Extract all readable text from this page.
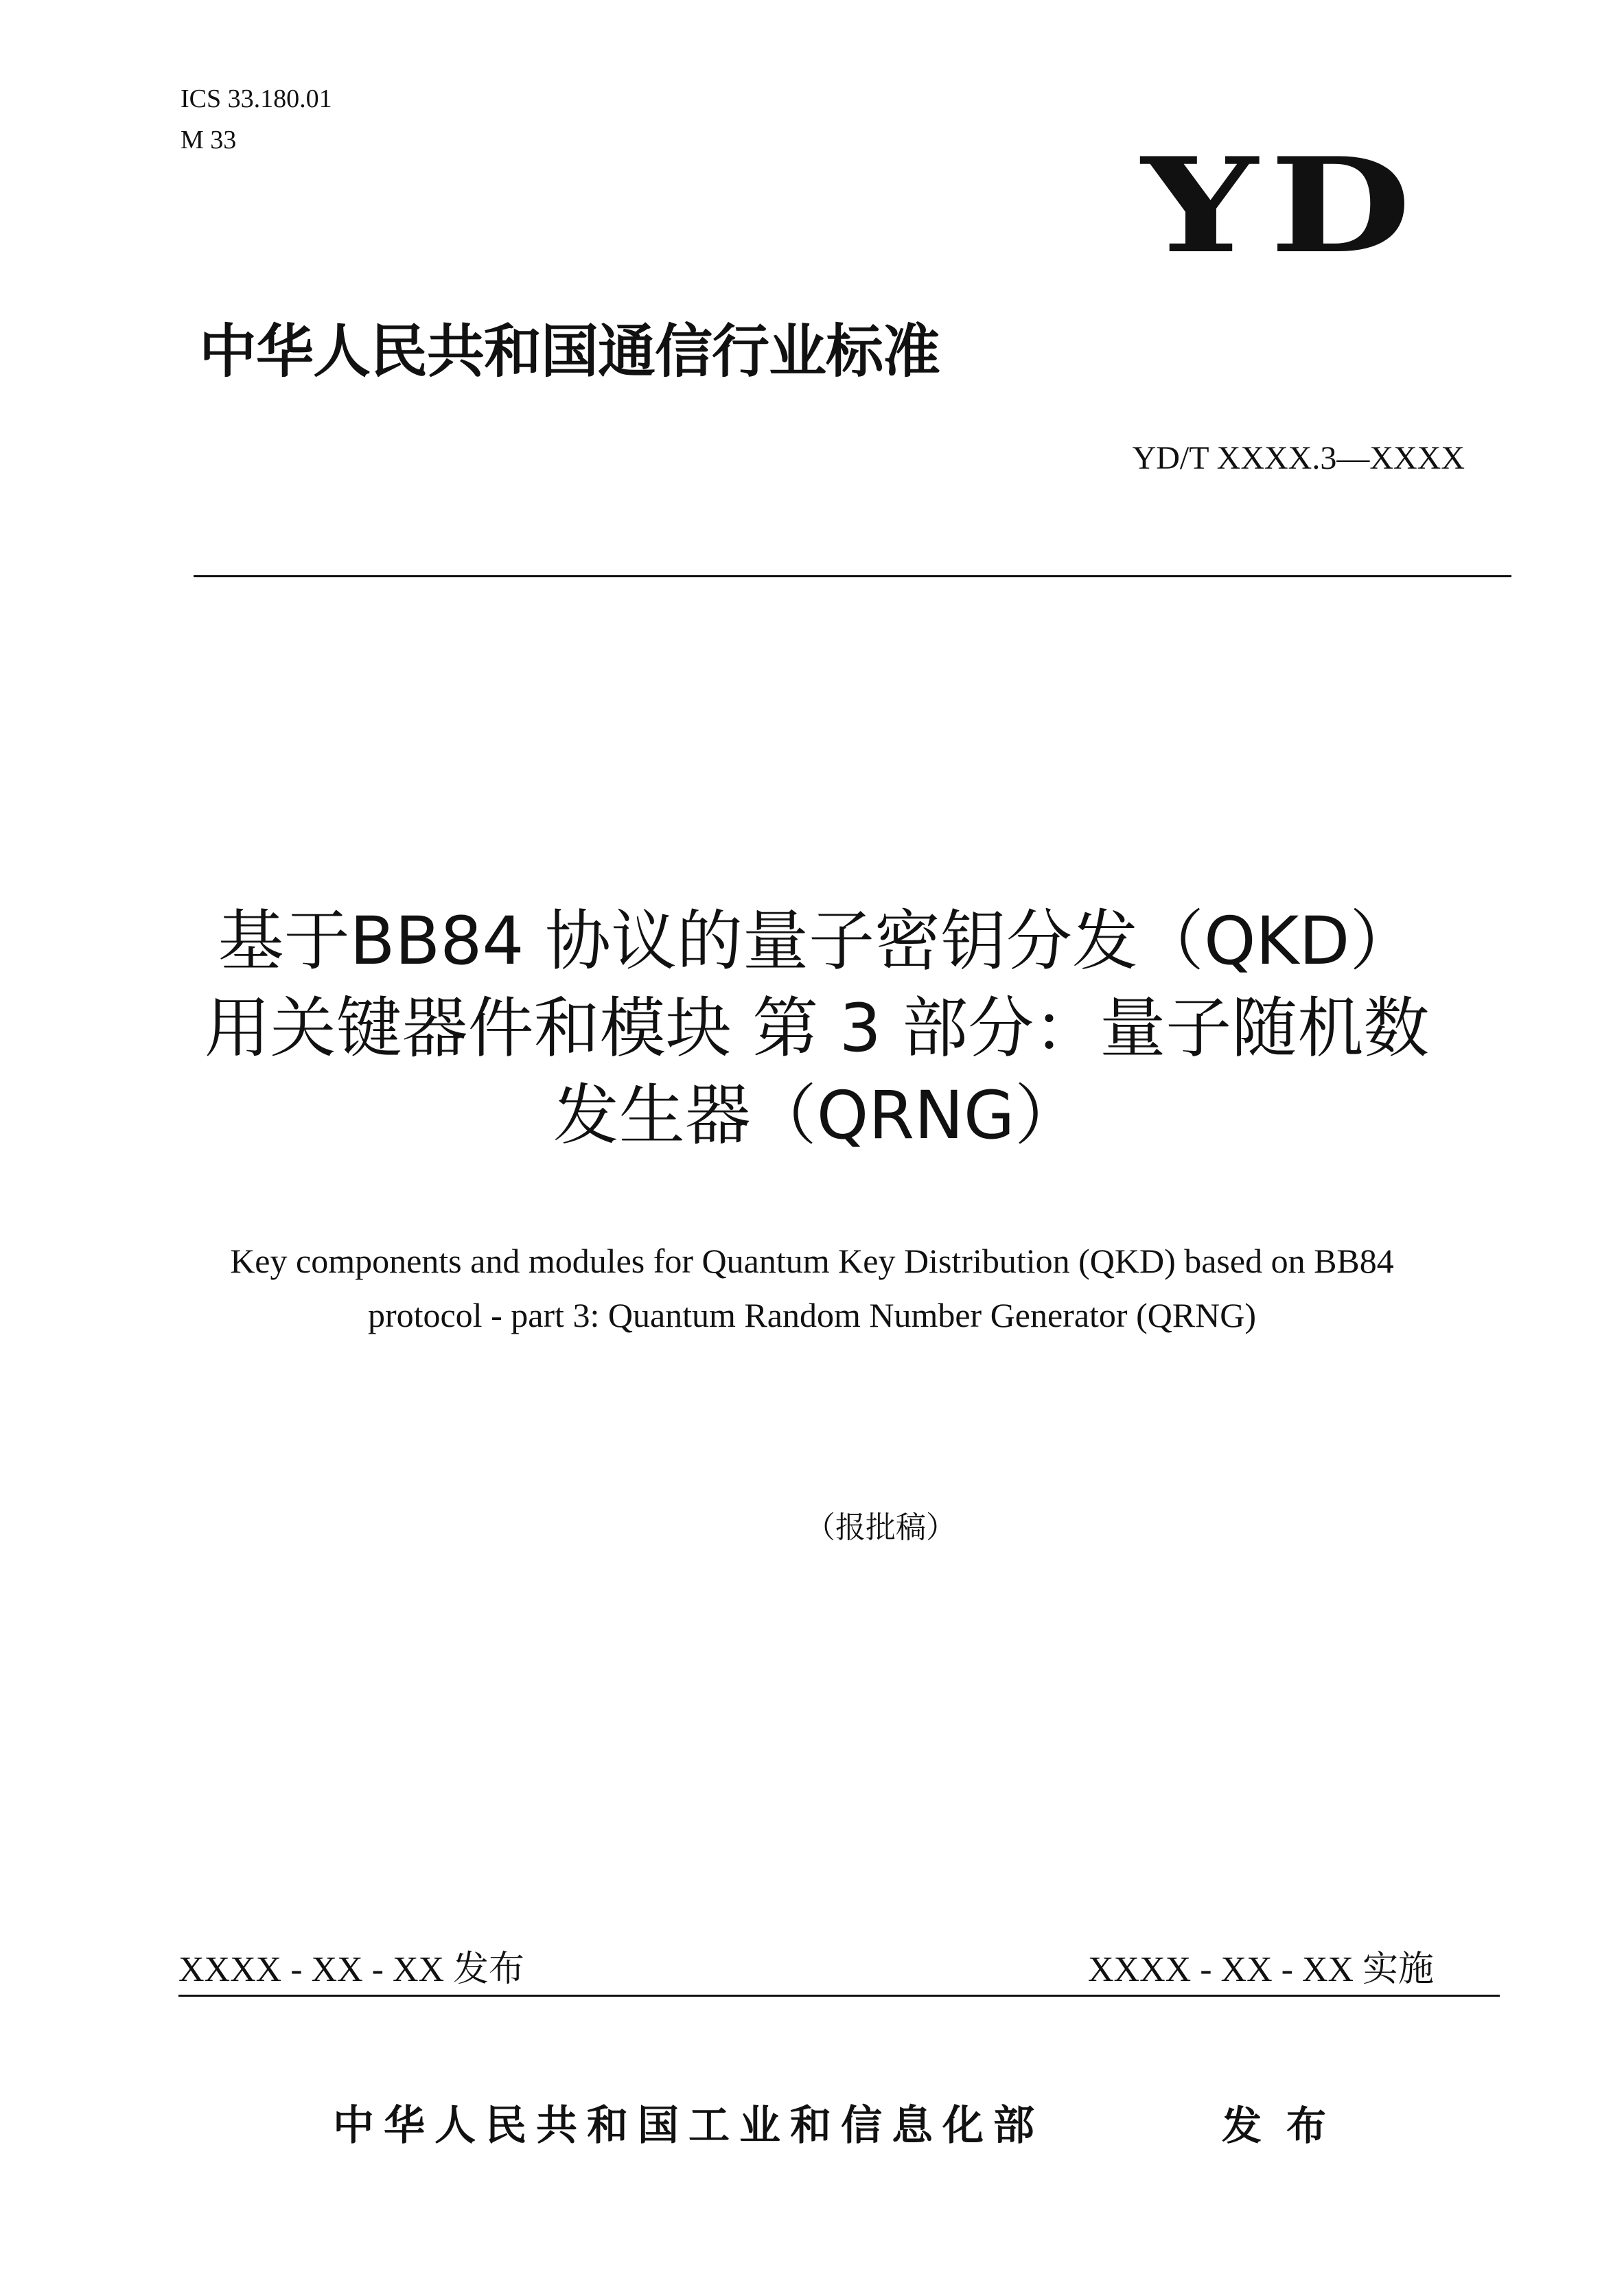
ICS 33.180.01
M 33	YD
中华人民共和国通信行业标准
YD/T XXXX.3—XXXX
基于BB84 协议的量子密钥分发（QKD）
用关键器件和模块 第 3 部分：量子随机数
发生器（QRNG）
Key components and modules for Quantum Key Distribution (QKD) based on BB84
protocol - part 3: Quantum Random Number Generator (QRNG)
（报批稿）
XXXX - XX - XX 发布	XXXX - XX - XX 实施
中华人民共和国工业和信息化部	发布
